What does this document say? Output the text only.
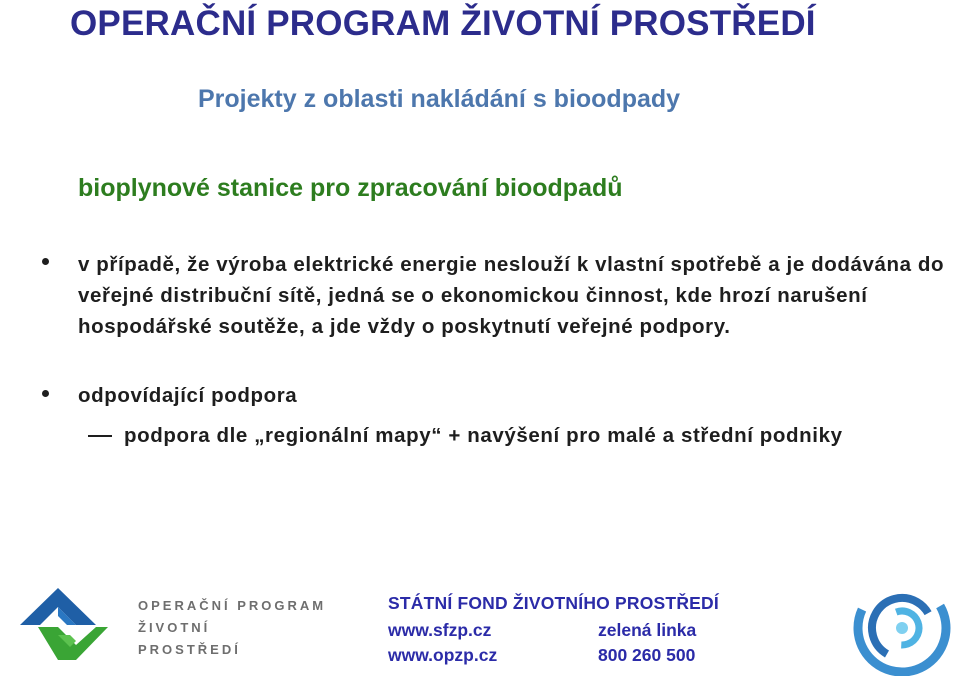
OPERAČNÍ PROGRAM ŽIVOTNÍ PROSTŘEDÍ
Projekty z oblasti nakládání s bioodpady
bioplynové stanice pro zpracování bioodpadů
v případě, že výroba elektrické energie neslouží k vlastní spotřebě a je dodávána do veřejné distribuční sítě, jedná se o ekonomickou činnost, kde hrozí narušení hospodářské soutěže, a jde vždy o poskytnutí veřejné podpory.
odpovídající podpora
podpora dle „regionální mapy“ + navýšení pro malé a střední podniky
OPERAČNÍ PROGRAM
ŽIVOTNÍ
PROSTŘEDÍ
STÁTNÍ FOND ŽIVOTNÍHO PROSTŘEDÍ
www.sfzp.cz	zelená linka
www.opzp.cz	800 260 500
